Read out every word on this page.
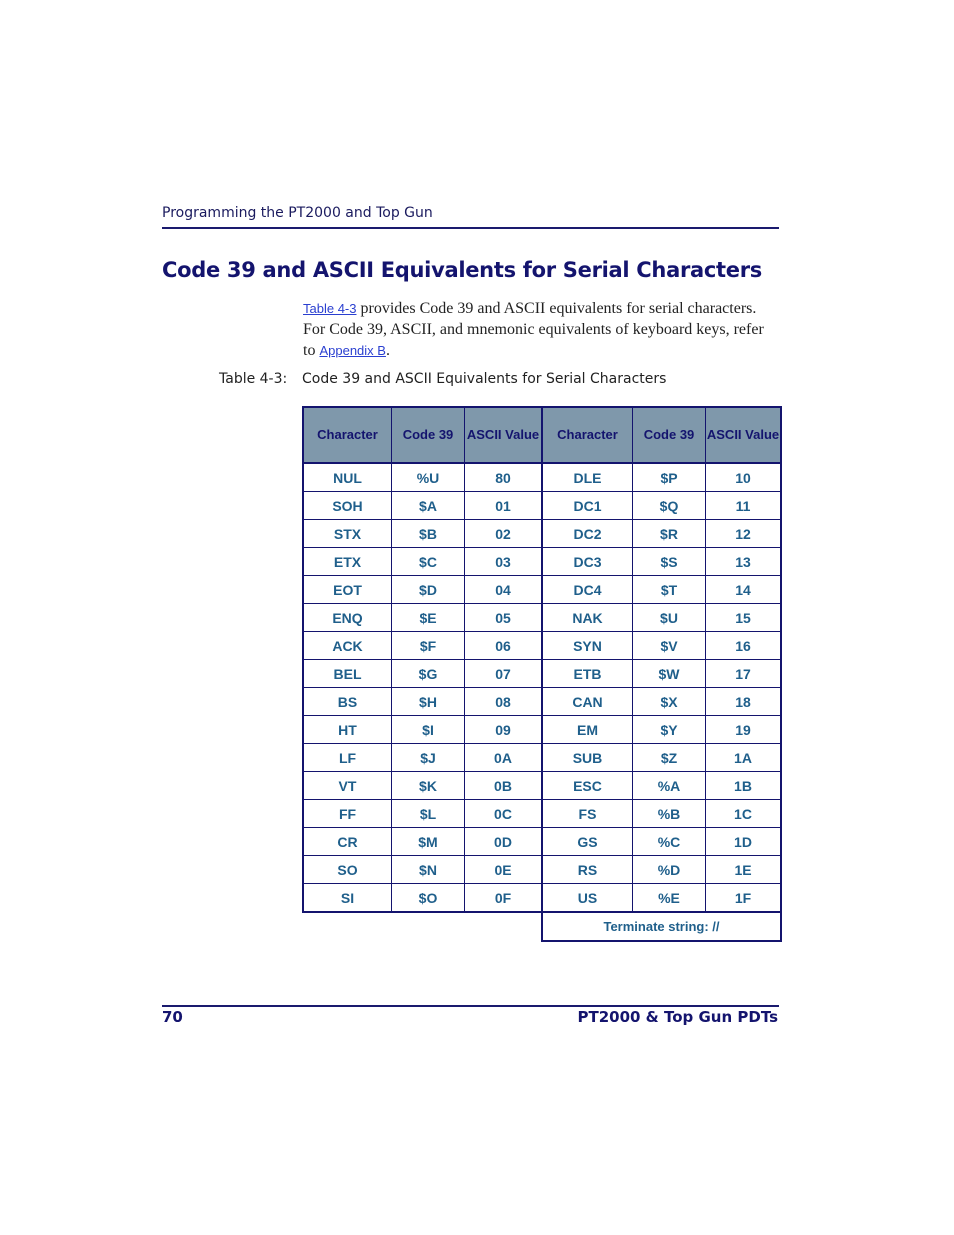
Programming the PT2000 and Top Gun
Code 39 and ASCII Equivalents for Serial Characters
Table 4-3 provides Code 39 and ASCII equivalents for serial characters. For Code 39, ASCII, and mnemonic equivalents of keyboard keys, refer to Appendix B.
Table 4-3: Code 39 and ASCII Equivalents for Serial Characters
Character	Code 39	ASCII Value	Character	Code 39	ASCII Value
NUL	%U	80	DLE	$P	10
SOH	$A	01	DC1	$Q	11
STX	$B	02	DC2	$R	12
ETX	$C	03	DC3	$S	13
EOT	$D	04	DC4	$T	14
ENQ	$E	05	NAK	$U	15
ACK	$F	06	SYN	$V	16
BEL	$G	07	ETB	$W	17
BS	$H	08	CAN	$X	18
HT	$I	09	EM	$Y	19
LF	$J	0A	SUB	$Z	1A
VT	$K	0B	ESC	%A	1B
FF	$L	0C	FS	%B	1C
CR	$M	0D	GS	%C	1D
SO	$N	0E	RS	%D	1E
SI	$O	0F	US	%E	1F
			Terminate string: //		
70	PT2000 & Top Gun PDTs
